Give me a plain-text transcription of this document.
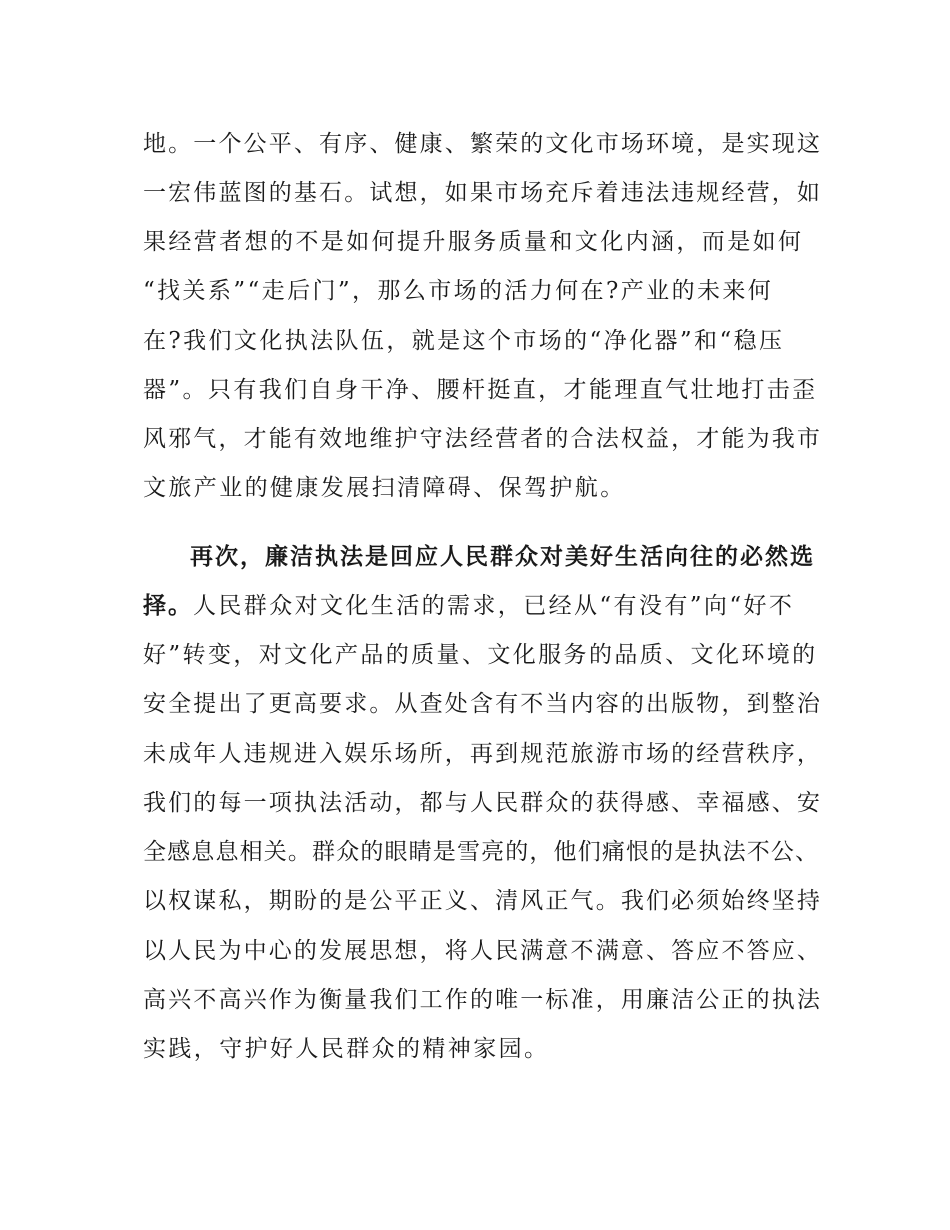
地。一个公平、有序、健康、繁荣的文化市场环境，是实现这
一宏伟蓝图的基石。试想，如果市场充斥着违法违规经营，如
果经营者想的不是如何提升服务质量和文化内涵，而是如何
“找关系”“走后门”，那么市场的活力何在?产业的未来何
在?我们文化执法队伍，就是这个市场的“净化器”和“稳压
器”。只有我们自身干净、腰杆挺直，才能理直气壮地打击歪
风邪气，才能有效地维护守法经营者的合法权益，才能为我市
文旅产业的健康发展扫清障碍、保驾护航。
再次，廉洁执法是回应人民群众对美好生活向往的必然选
择。人民群众对文化生活的需求，已经从“有没有”向“好不
好”转变，对文化产品的质量、文化服务的品质、文化环境的
安全提出了更高要求。从查处含有不当内容的出版物，到整治
未成年人违规进入娱乐场所，再到规范旅游市场的经营秩序，
我们的每一项执法活动，都与人民群众的获得感、幸福感、安
全感息息相关。群众的眼睛是雪亮的，他们痛恨的是执法不公、
以权谋私，期盼的是公平正义、清风正气。我们必须始终坚持
以人民为中心的发展思想，将人民满意不满意、答应不答应、
高兴不高兴作为衡量我们工作的唯一标准，用廉洁公正的执法
实践，守护好人民群众的精神家园。
